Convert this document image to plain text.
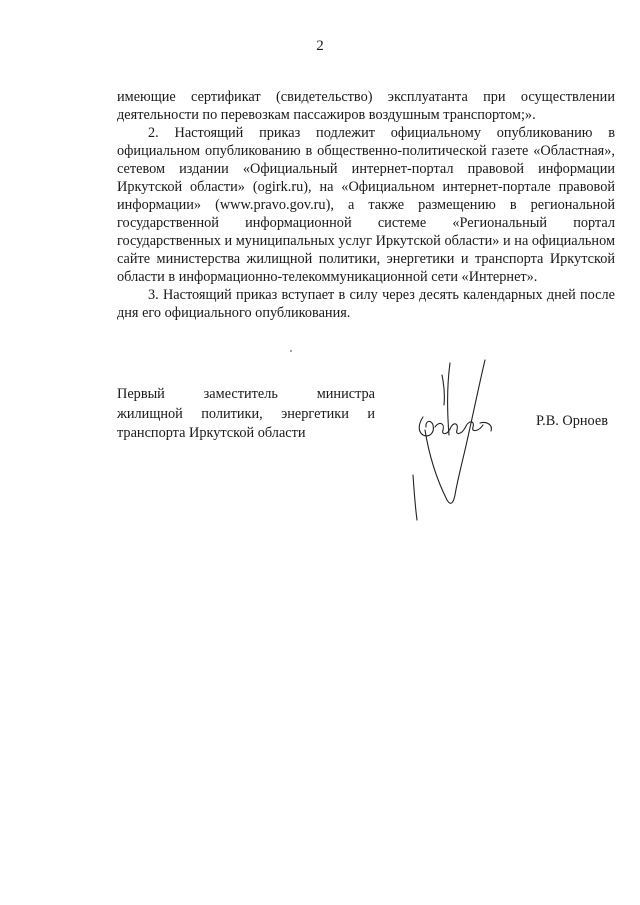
2

имеющие сертификат (свидетельство) эксплуатанта при осуществлении деятельности по перевозкам пассажиров воздушным транспортом;».

2. Настоящий приказ подлежит официальному опубликованию в официальном опубликованию в общественно-политической газете «Областная», сетевом издании «Официальный интернет-портал правовой информации Иркутской области» (ogirk.ru), на «Официальном интернет-портале правовой информации» (www.pravo.gov.ru), а также размещению в региональной государственной информационной системе «Региональный портал государственных и муниципальных услуг Иркутской области» и на официальном сайте министерства жилищной политики, энергетики и транспорта Иркутской области в информационно-телекоммуникационной сети «Интернет».

3. Настоящий приказ вступает в силу через десять календарных дней после дня его официального опубликования.

Первый заместитель министра
жилищной политики, энергетики и
транспорта Иркутской области
Р.В. Орноев
